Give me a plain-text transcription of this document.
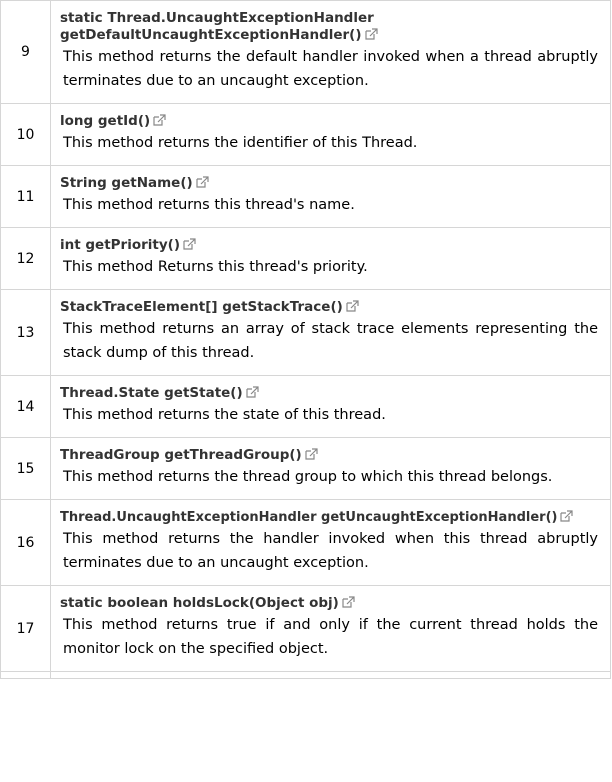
9	static Thread.UncaughtExceptionHandler
getDefaultUncaughtExceptionHandler()
This method returns the default handler invoked when a thread abruptly terminates due to an uncaught exception.

10	long getId()
This method returns the identifier of this Thread.

11	String getName()
This method returns this thread's name.

12	int getPriority()
This method Returns this thread's priority.

13	StackTraceElement[] getStackTrace()
This method returns an array of stack trace elements representing the stack dump of this thread.

14	Thread.State getState()
This method returns the state of this thread.

15	ThreadGroup getThreadGroup()
This method returns the thread group to which this thread belongs.

16	Thread.UncaughtExceptionHandler getUncaughtExceptionHandler()
This method returns the handler invoked when this thread abruptly terminates due to an uncaught exception.

17	static boolean holdsLock(Object obj)
This method returns true if and only if the current thread holds the monitor lock on the specified object.
